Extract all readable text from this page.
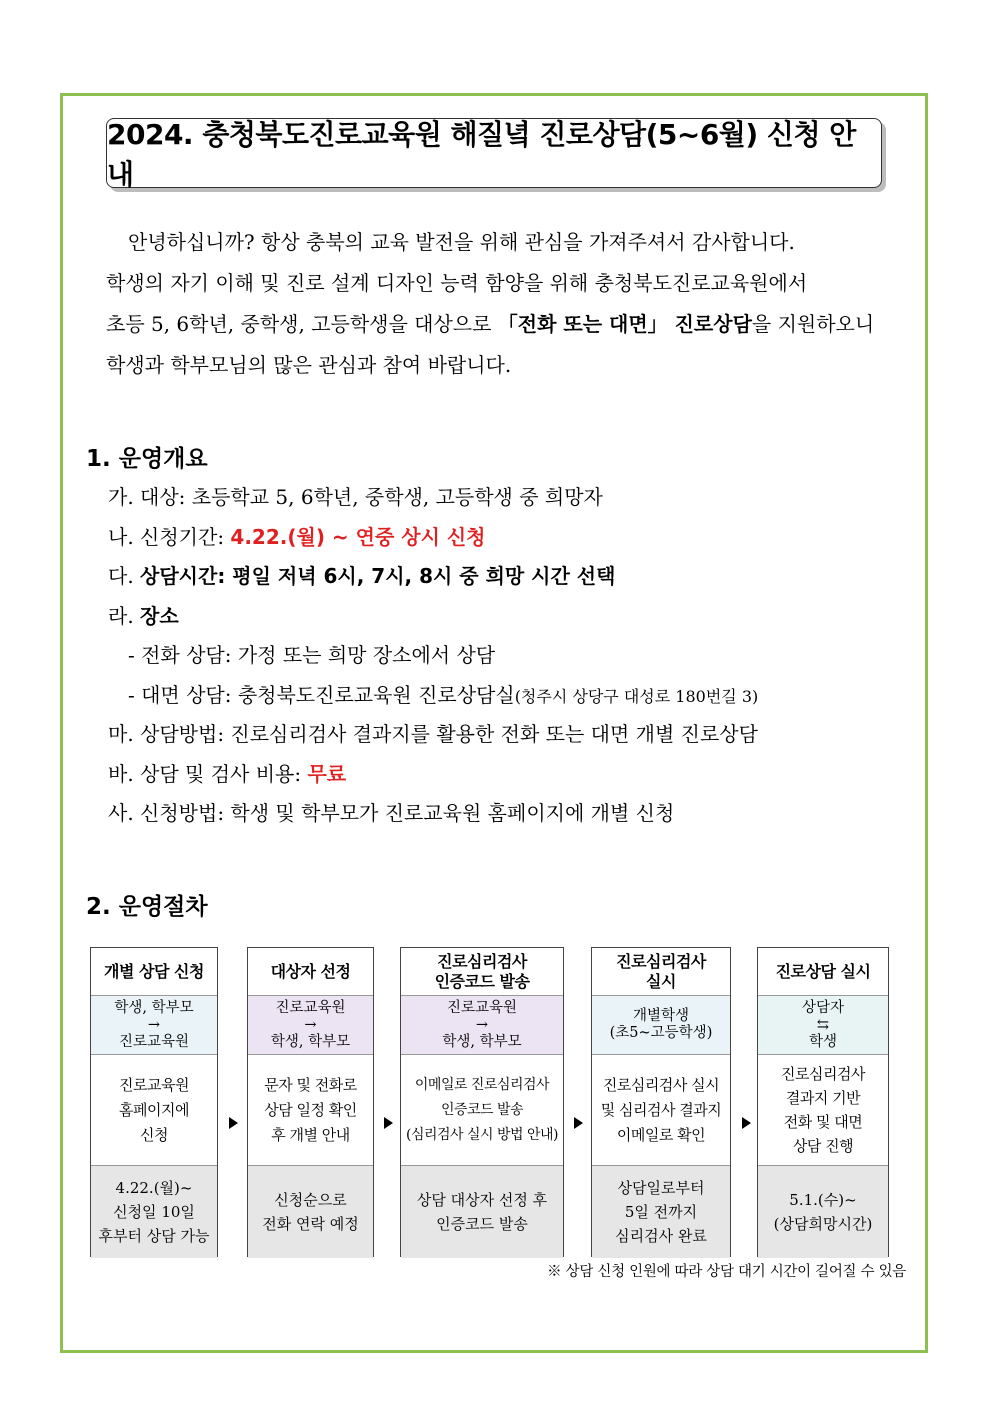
2024. 충청북도진로교육원 해질녘 진로상담(5~6월) 신청 안내

안녕하십니까? 항상 충북의 교육 발전을 위해 관심을 가져주셔서 감사합니다.

학생의 자기 이해 및 진로 설계 디자인 능력 함양을 위해 충청북도진로교육원에서

초등 5, 6학년, 중학생, 고등학생을 대상으로 「전화 또는 대면」 진로상담을 지원하오니

학생과 학부모님의 많은 관심과 참여 바랍니다.

1. 운영개요
가. 대상: 초등학교 5, 6학년, 중학생, 고등학생 중 희망자
나. 신청기간: 4.22.(월) ~ 연중 상시 신청
다. 상담시간: 평일 저녁 6시, 7시, 8시 중 희망 시간 선택
라. 장소
- 전화 상담: 가정 또는 희망 장소에서 상담
- 대면 상담: 충청북도진로교육원 진로상담실(청주시 상당구 대성로 180번길 3)
마. 상담방법: 진로심리검사 결과지를 활용한 전화 또는 대면 개별 진로상담
바. 상담 및 검사 비용: 무료
사. 신청방법: 학생 및 학부모가 진로교육원 홈페이지에 개별 신청
2. 운영절차
개별 상담 신청
학생, 학부모
→
진로교육원
진로교육원
홈페이지에
신청
4.22.(월)~
신청일 10일
후부터 상담 가능
대상자 선정
진로교육원
→
학생, 학부모
문자 및 전화로
상담 일정 확인
후 개별 안내
신청순으로
전화 연락 예정
진로심리검사
인증코드 발송
진로교육원
→
학생, 학부모
이메일로 진로심리검사
인증코드 발송
(심리검사 실시 방법 안내)
상담 대상자 선정 후
인증코드 발송
진로심리검사
실시
개별학생
(초5~고등학생)
진로심리검사 실시
및 심리검사 결과지
이메일로 확인
상담일로부터
5일 전까지
심리검사 완료
진로상담 실시
상담자
⇆
학생
진로심리검사
결과지 기반
전화 및 대면
상담 진행
5.1.(수)~
(상담희망시간)
※ 상담 신청 인원에 따라 상담 대기 시간이 길어질 수 있음
